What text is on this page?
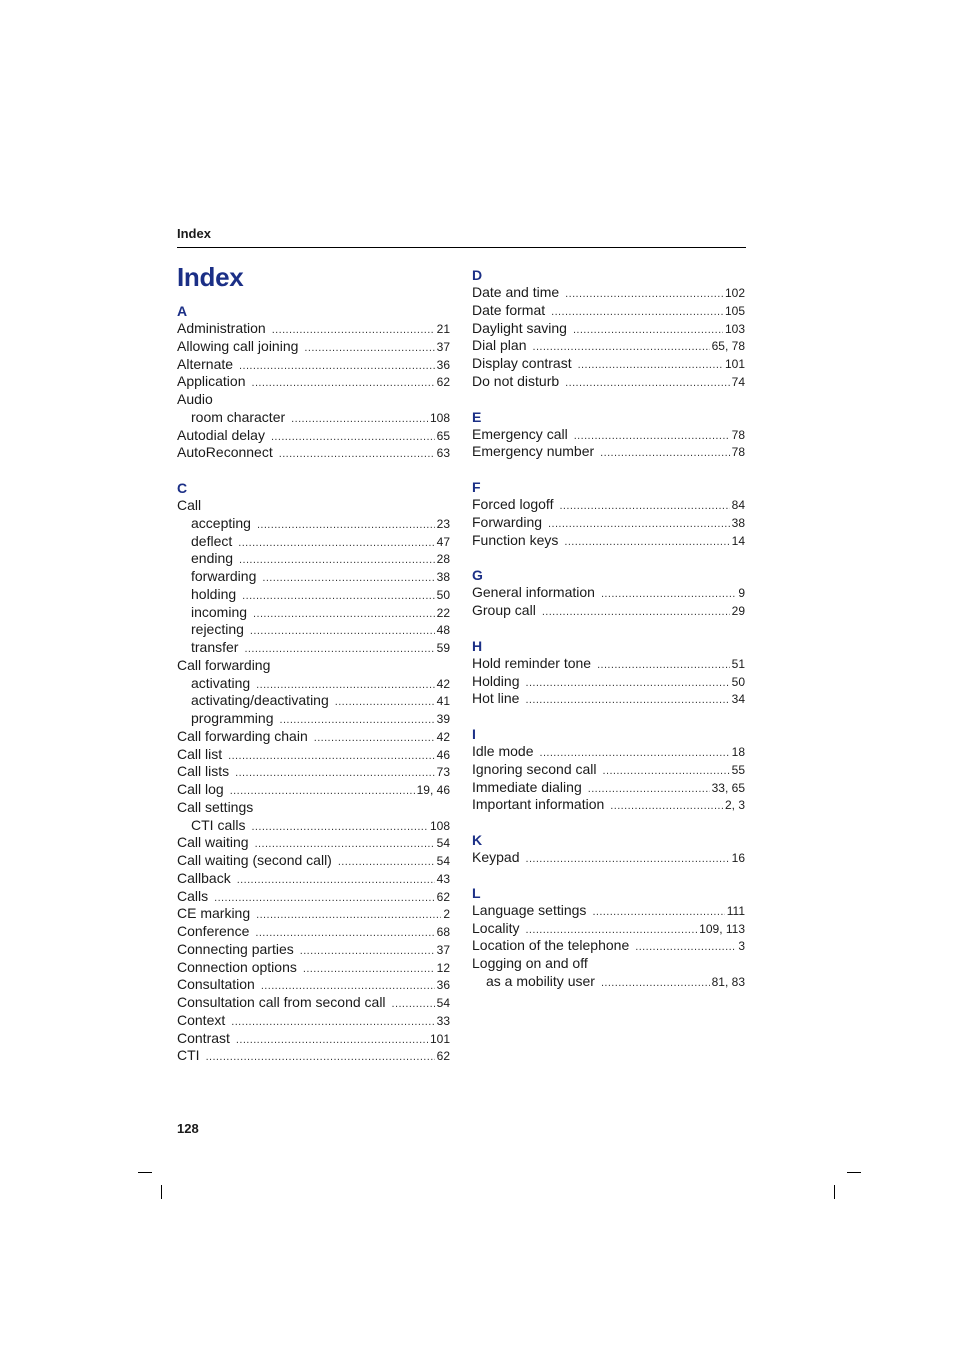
Index
Index
A
Administration .....	21
Allowing call joining .....	37
Alternate .....	36
Application .....	62
Audio
room character .....	108
Autodial delay .....	65
AutoReconnect .....	63
C
Call
accepting .....	23
deflect .....	47
ending .....	28
forwarding .....	38
holding .....	50
incoming .....	22
rejecting .....	48
transfer .....	59
Call forwarding
activating .....	42
activating/deactivating .....	41
programming .....	39
Call forwarding chain .....	42
Call list .....	46
Call lists .....	73
Call log .....	19, 46
Call settings
CTI calls .....	108
Call waiting .....	54
Call waiting (second call) .....	54
Callback .....	43
Calls .....	62
CE marking .....	2
Conference .....	68
Connecting parties .....	37
Connection options .....	12
Consultation .....	36
Consultation call from second call .....	54
Context .....	33
Contrast .....	101
CTI .....	62
D
Date and time .....	102
Date format .....	105
Daylight saving .....	103
Dial plan .....	65, 78
Display contrast .....	101
Do not disturb .....	74
E
Emergency call .....	78
Emergency number .....	78
F
Forced logoff .....	84
Forwarding .....	38
Function keys .....	14
G
General information .....	9
Group call .....	29
H
Hold reminder tone .....	51
Holding .....	50
Hot line .....	34
I
Idle mode .....	18
Ignoring second call .....	55
Immediate dialing .....	33, 65
Important information .....	2, 3
K
Keypad .....	16
L
Language settings .....	111
Locality .....	109, 113
Location of the telephone .....	3
Logging on and off
as a mobility user .....	81, 83
128
